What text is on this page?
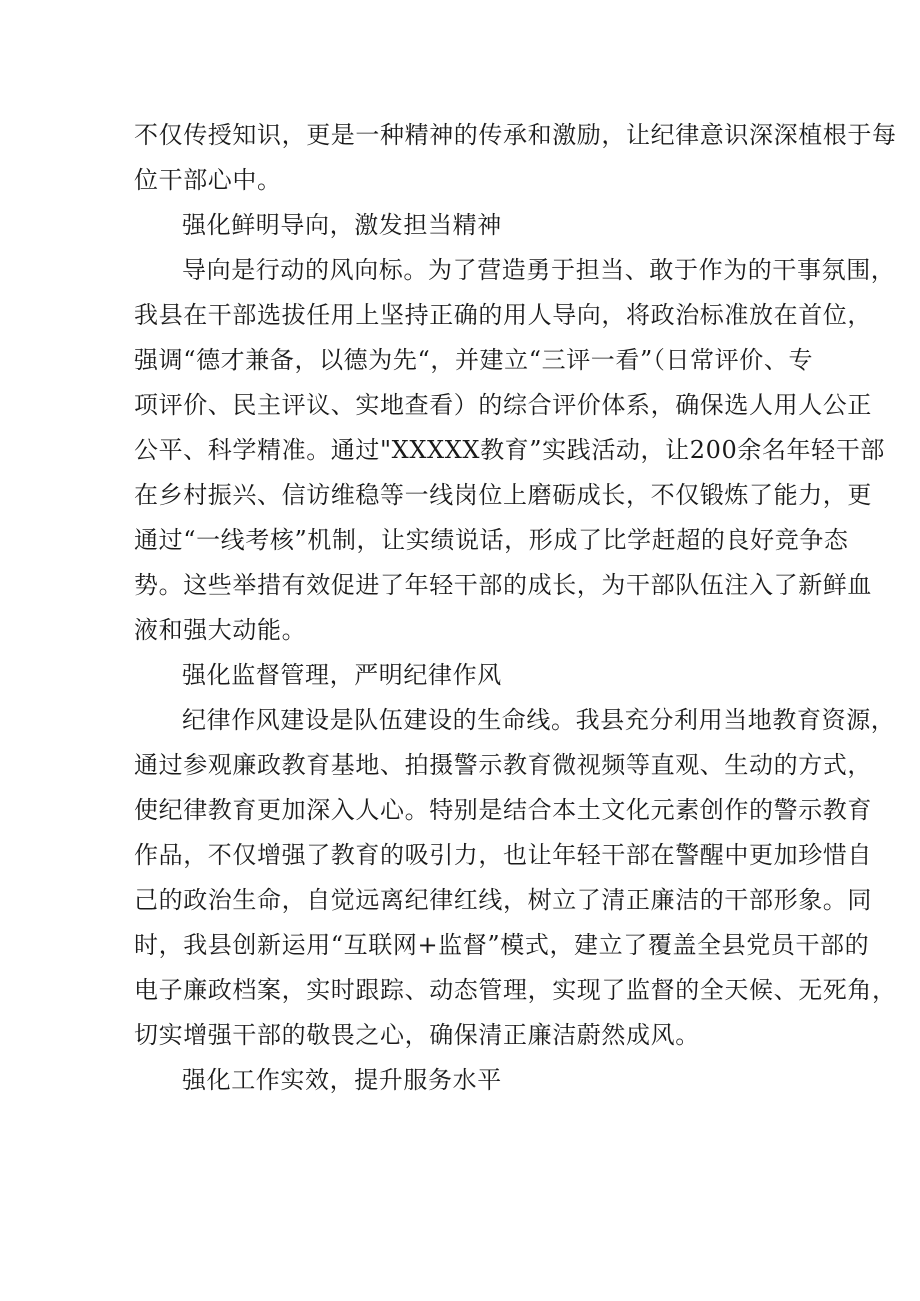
不仅传授知识，更是一种精神的传承和激励，让纪律意识深深植根于每
位干部心中。
强化鲜明导向，激发担当精神
导向是行动的风向标。为了营造勇于担当、敢于作为的干事氛围，
我县在干部选拔任用上坚持正确的用人导向，将政治标准放在首位，
强调“德才兼备，以德为先“，并建立“三评一看”（日常评价、专
项评价、民主评议、实地查看）的综合评价体系，确保选人用人公正
公平、科学精准。通过"XXXXX教育”实践活动，让200余名年轻干部
在乡村振兴、信访维稳等一线岗位上磨砺成长，不仅锻炼了能力，更
通过“一线考核”机制，让实绩说话，形成了比学赶超的良好竞争态
势。这些举措有效促进了年轻干部的成长，为干部队伍注入了新鲜血
液和强大动能。
强化监督管理，严明纪律作风
纪律作风建设是队伍建设的生命线。我县充分利用当地教育资源，
通过参观廉政教育基地、拍摄警示教育微视频等直观、生动的方式，
使纪律教育更加深入人心。特别是结合本土文化元素创作的警示教育
作品，不仅增强了教育的吸引力，也让年轻干部在警醒中更加珍惜自
己的政治生命，自觉远离纪律红线，树立了清正廉洁的干部形象。同
时，我县创新运用“互联网+监督”模式，建立了覆盖全县党员干部的
电子廉政档案，实时跟踪、动态管理，实现了监督的全天候、无死角，
切实增强干部的敬畏之心，确保清正廉洁蔚然成风。
强化工作实效，提升服务水平
